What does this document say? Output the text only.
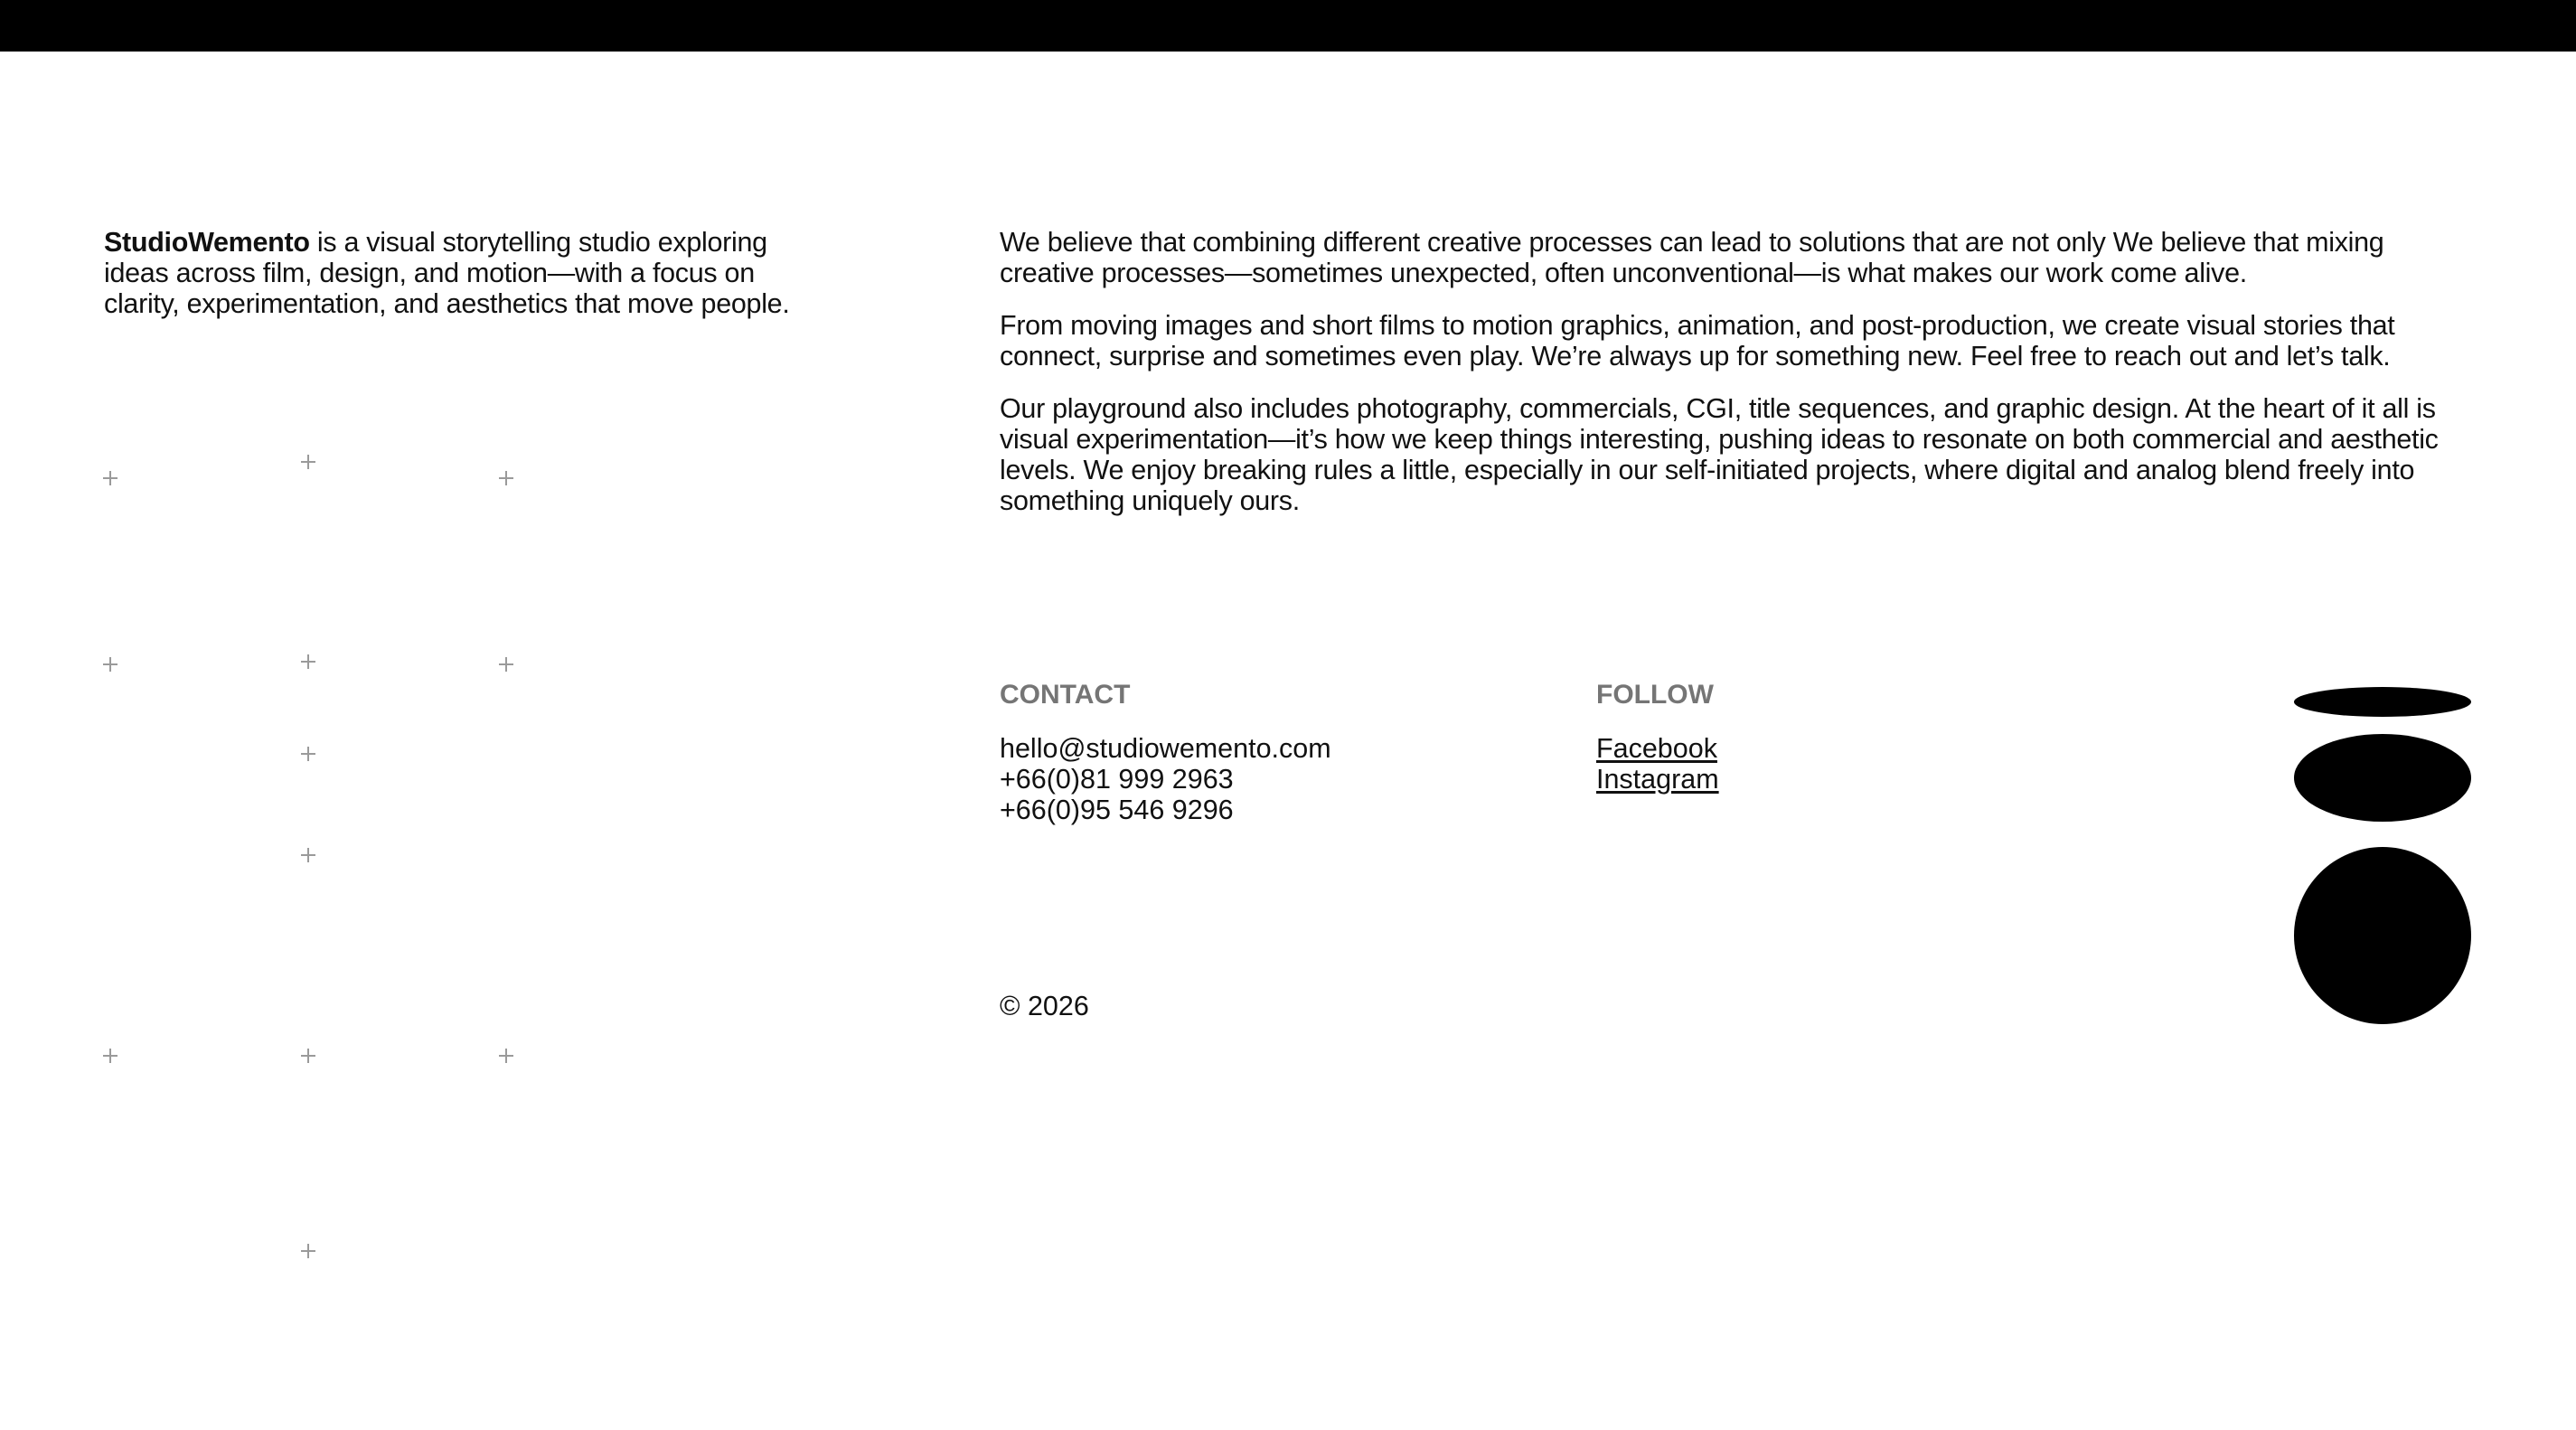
StudioWemento is a visual storytelling studio exploring ideas across film, design, and motion—with a focus on clarity, experimentation, and aesthetics that move people.

We believe that combining different creative processes can lead to solutions that are not only We believe that mixing creative processes—sometimes unexpected, often unconventional—is what makes our work come alive.

From moving images and short films to motion graphics, animation, and post-production, we create visual stories that connect, surprise and sometimes even play. We’re always up for something new. Feel free to reach out and let’s talk.

Our playground also includes photography, commercials, CGI, title sequences, and graphic design. At the heart of it all is visual experimentation—it’s how we keep things interesting, pushing ideas to resonate on both commercial and aesthetic levels. We enjoy breaking rules a little, especially in our self-initiated projects, where digital and analog blend freely into something uniquely ours.

CONTACT
hello@studiowemento.com
+66(0)81 999 2963
+66(0)95 546 9296
FOLLOW
Facebook
Instagram
© 2026
